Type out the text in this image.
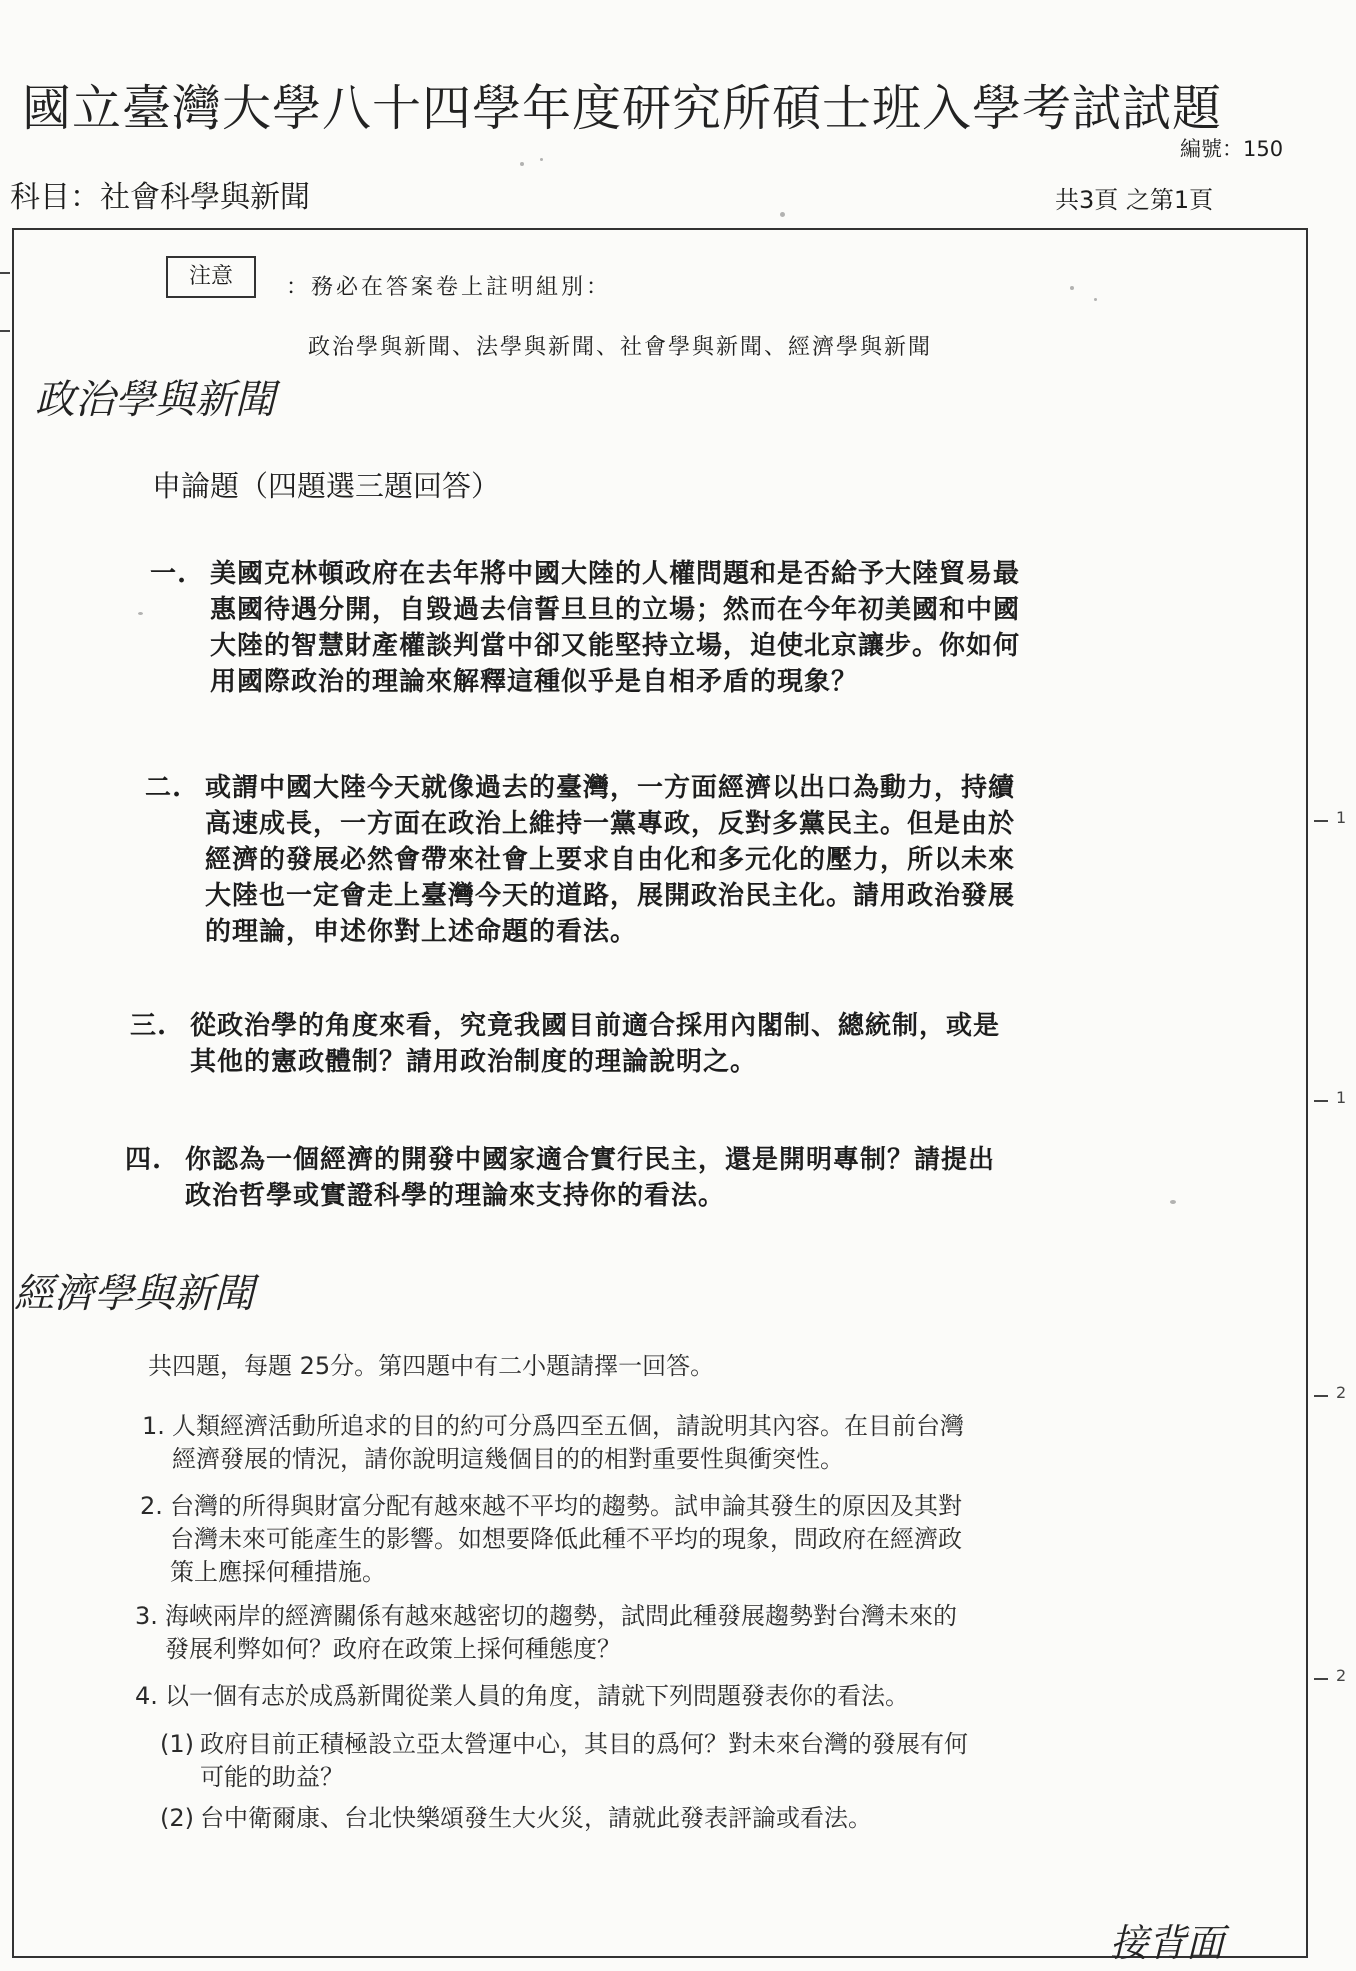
國立臺灣大學八十四學年度研究所碩士班入學考試試題
編號：150
科目：社會科學與新聞	共3頁 之第1頁
注意	：務必在答案卷上註明組別：
政治學與新聞、法學與新聞、社會學與新聞、經濟學與新聞
政治學與新聞
申論題（四題選三題回答）
一. 美國克林頓政府在去年將中國大陸的人權問題和是否給予大陸貿易最
惠國待遇分開，自毀過去信誓旦旦的立場；然而在今年初美國和中國
大陸的智慧財產權談判當中卻又能堅持立場，迫使北京讓步。你如何
用國際政治的理論來解釋這種似乎是自相矛盾的現象？
二. 或謂中國大陸今天就像過去的臺灣，一方面經濟以出口為動力，持續
高速成長，一方面在政治上維持一黨專政，反對多黨民主。但是由於
經濟的發展必然會帶來社會上要求自由化和多元化的壓力，所以未來
大陸也一定會走上臺灣今天的道路，展開政治民主化。請用政治發展
的理論，申述你對上述命題的看法。
三. 從政治學的角度來看，究竟我國目前適合採用內閣制、總統制，或是
其他的憲政體制？請用政治制度的理論說明之。
四. 你認為一個經濟的開發中國家適合實行民主，還是開明專制？請提出
政治哲學或實證科學的理論來支持你的看法。
經濟學與新聞
共四題，每題 25分。第四題中有二小題請擇一回答。
1. 人類經濟活動所追求的目的約可分爲四至五個，請說明其內容。在目前台灣
經濟發展的情況，請你說明這幾個目的的相對重要性與衝突性。
2. 台灣的所得與財富分配有越來越不平均的趨勢。試申論其發生的原因及其對
台灣未來可能產生的影響。如想要降低此種不平均的現象，問政府在經濟政
策上應採何種措施。
3. 海峽兩岸的經濟關係有越來越密切的趨勢，試問此種發展趨勢對台灣未來的
發展利弊如何？政府在政策上採何種態度？
4. 以一個有志於成爲新聞從業人員的角度，請就下列問題發表你的看法。
(1) 政府目前正積極設立亞太營運中心，其目的爲何？對未來台灣的發展有何
可能的助益？
(2) 台中衛爾康、台北快樂頌發生大火災，請就此發表評論或看法。
接背面
1
1
2
2
